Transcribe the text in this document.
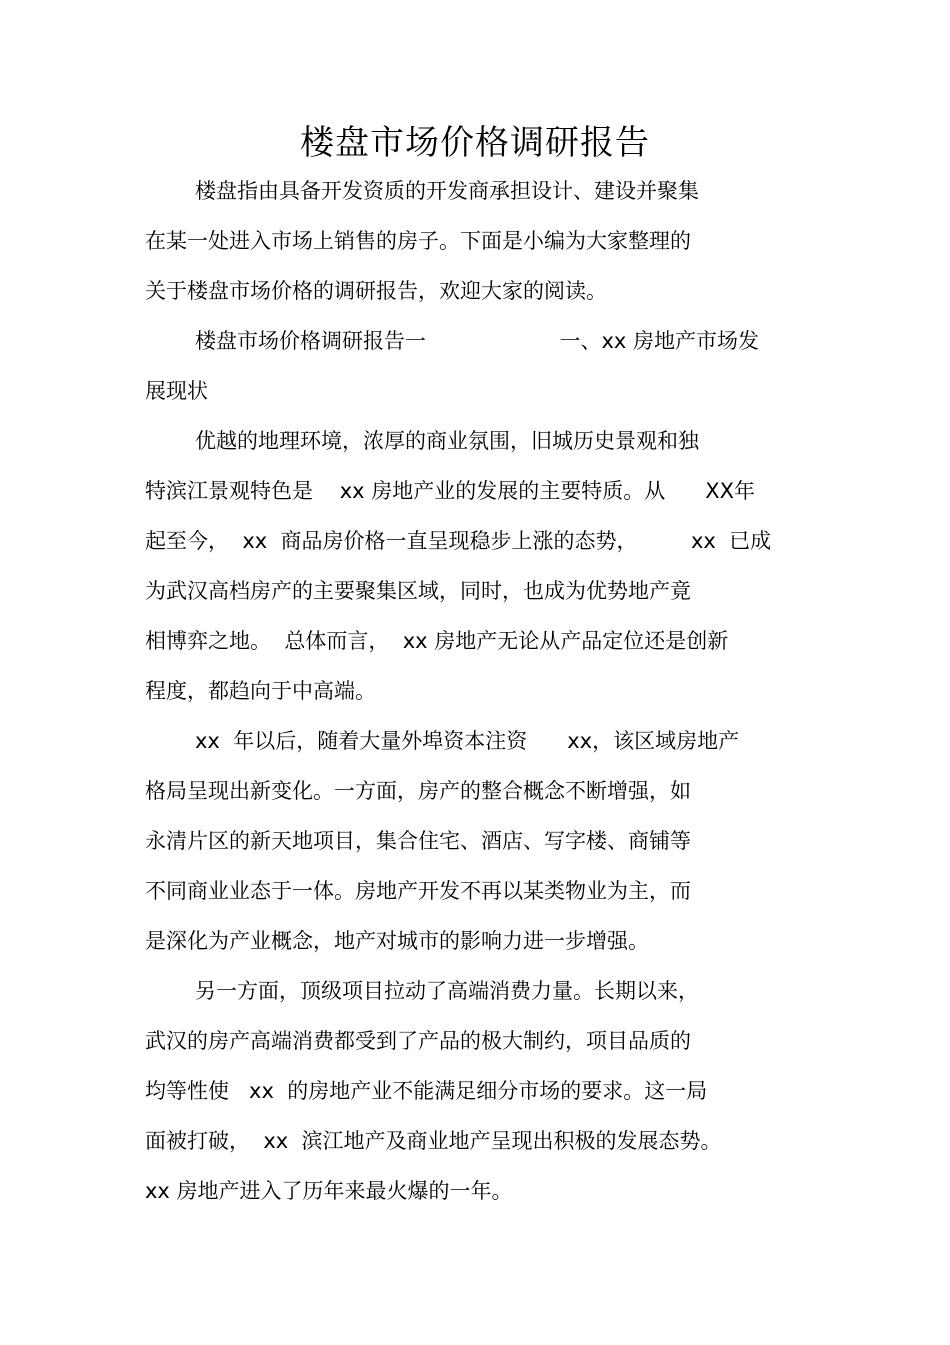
楼盘市场价格调研报告
楼盘指由具备开发资质的开发商承担设计、建设并聚集
在某一处进入市场上销售的房子。下面是小编为大家整理的
关于楼盘市场价格的调研报告，欢迎大家的阅读。
楼盘市场价格调研报告一                    一、xx 房地产市场发
展现状
优越的地理环境，浓厚的商业氛围，旧城历史景观和独
特滨江景观特色是    xx 房地产业的发展的主要特质。从      XX年
起至今，  xx  商品房价格一直呈现稳步上涨的态势，        xx  已成
为武汉高档房产的主要聚集区域，同时，也成为优势地产竟
相博弈之地。  总体而言，  xx 房地产无论从产品定位还是创新
程度，都趋向于中高端。
xx  年以后，随着大量外埠资本注资      xx，该区域房地产
格局呈现出新变化。一方面，房产的整合概念不断增强，如
永清片区的新天地项目，集合住宅、酒店、写字楼、商铺等
不同商业业态于一体。房地产开发不再以某类物业为主，而
是深化为产业概念，地产对城市的影响力进一步增强。
另一方面，顶级项目拉动了高端消费力量。长期以来，
武汉的房产高端消费都受到了产品的极大制约，项目品质的
均等性使   xx  的房地产业不能满足细分市场的要求。这一局
面被打破，  xx  滨江地产及商业地产呈现出积极的发展态势。
xx 房地产进入了历年来最火爆的一年。
